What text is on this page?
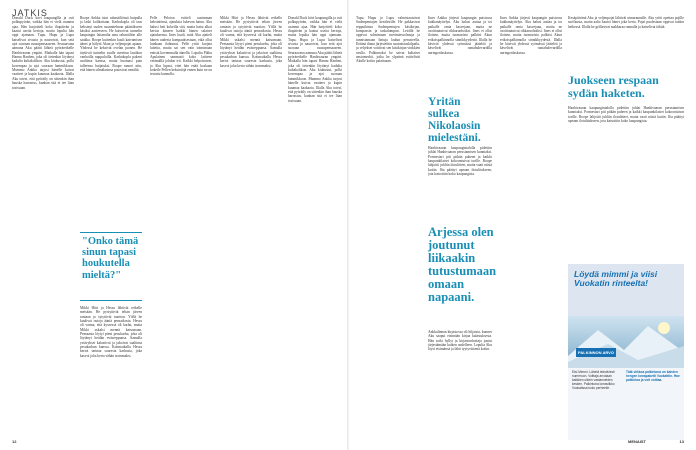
JATKIS

Donald Duck kävi kaupungilla ja osti polkupyörän, vaikka hän ei vielä osannut ajaa. Hän harjoitteli koko iltapäivän ja kaatui useita kertoja, mutta lopulta hän oppi ajamaan. Tupu, Hupu ja Lupu katselivat sivusta ja nauroivat, kun setä ajoi suoraan ruusupensaaseen. Seuraavana aamuna Aku päätti lähteä pyöräretkelle Hanhivaaran ympäri. Matkalla hän tapasi Hannu Hanhen, joka oli tietenkin löytänyt kadulta kultakolikon. Aku kiukustui, polki kovempaa ja ajoi suoraan lammikkoon. Mummo Ankka tarjosi hänelle kuivat vaatteet ja kupin kuumaa kaakaota. Illalla Aku totesi, että pyöräily on sittenkin ihan hauska harrastus, kunhan sitä ei tee liian tosissaan.

Roope Ankka istui rahasäiliönsä huipulla ja laski kolikoitaan. Karhukopla oli taas keksinyt uuden suunnitelman päästäkseen käsiksi aarteeseen. He kaivoivat tunnelin kaupungin laitamilta aina rahasäiliön alle saakka. Roope kuitenkin kuuli kaivamisen äänet ja hälytti Akun ja veljenpojat apuun. Yhdessä he keksivät ovelan juonen. He täyttivät tunnelin suulle asetetun laatikon vanhoilla nappuloilla. Karhukopla pakeni saaliinsa kanssa, mutta huomasi pian tulleensa huijatuksi. Roope nauroi niin, että hänen silmälasinsa putosivat nenältä.

"Onko tämä sinun tapasi houkutella mieltä?"

Mikki Hiiri ja Hessu lähtivät retkelle metsään. He pystyttivät teltan järven rantaan ja sytyttivät nuotion. Yöllä he kuulivat outoja ääniä pensaikosta. Hessu oli varma, että kyseessä oli karhu, mutta Mikki uskalsi mennä katsomaan. Pensaasta löytyi pieni pesukarhu, joka oli löytänyt heidän eväsreppunsa. Aamulla ystävykset kalastivat ja jakoivat saaliinsa pesukarhun kanssa. Kotimatkalla Hessu kertoi tarinaa suuresta karhusta, joka kasvoi joka kerta vähän isommaksi.

Pelle Peloton esitteli uusimman keksintönsä, ajatuksia lukevan hatun. Aku halusi heti kokeilla sitä, mutta hattu alkoi kertoa ääneen kaikki hänen salaiset ajatuksensa. Iines kuuli, mitä Aku ajatteli hänen uudesta kampauksestaan, eikä ollut lainkaan ilahtunut. Pelle yritti korjata laitetta, mutta sai sen vain toimimaan entistä kovemmalla äänellä. Lopulta Pikku Apulainen sammutti koko laitteen vetämällä johdon irti. Kaikki helpottuivat, ja Aku lupasi, ettei hän enää koskaan kokeile Pellen keksintöjä ennen kuin ne on testattu kunnolla.

Mikki Hiiri ja Hessu lähtivät retkelle metsään. He pystyttivät teltan järven rantaan ja sytyttivät nuotion. Yöllä he kuulivat outoja ääniä pensaikosta. Hessu oli varma, että kyseessä oli karhu, mutta Mikki uskalsi mennä katsomaan. Pensaasta löytyi pieni pesukarhu, joka oli löytänyt heidän eväsreppunsa. Aamulla ystävykset kalastivat ja jakoivat saaliinsa pesukarhun kanssa. Kotimatkalla Hessu kertoi tarinaa suuresta karhusta, joka kasvoi joka kerta vähän isommaksi.

Donald Duck kävi kaupungilla ja osti polkupyörän, vaikka hän ei vielä osannut ajaa. Hän harjoitteli koko iltapäivän ja kaatui useita kertoja, mutta lopulta hän oppi ajamaan. Tupu, Hupu ja Lupu katselivat sivusta ja nauroivat, kun setä ajoi suoraan ruusupensaaseen. Seuraavana aamuna Aku päätti lähteä pyöräretkelle Hanhivaaran ympäri. Matkalla hän tapasi Hannu Hanhen, joka oli tietenkin löytänyt kadulta kultakolikon. Aku kiukustui, polki kovempaa ja ajoi suoraan lammikkoon. Mummo Ankka tarjosi hänelle kuivat vaatteet ja kupin kuumaa kaakaota. Illalla Aku totesi, että pyöräily on sittenkin ihan hauska harrastus, kunhan sitä ei tee liian tosissaan.

12

Tupu, Hupu ja Lupu valmistautuivat Sudenpentujen kesäleirille. He pakkasivat reppuihinsa Sudenpentujen käsikirjan, kompassin ja taskulampun. Leirillä he oppivat solmimaan merimiessolmuja ja tunnistamaan lintuja laulun perusteella. Eräänä iltana järjestettiin suunnistuskilpailu, ja veljekset voittivat sen käsikirjan vinkkien avulla. Palkinnoksi he saivat kultaiset ansiomerkit, jotka he ylpeänä esittelivät Akulle kotiin palattuaan.

Yritän sulkea Nikolaosin mielestäni.

Iines Ankka järjesti kaupungin puistossa kukkanäyttelyn. Aku halusi auttaa ja toi paikalle omia kasvejaan, mutta ne osoittautuivat rikkaruohoiksi. Iines ei ollut iloinen, mutta tuomaristo palkitsi Akun erikoispalkinnolla sinnikkyydestä. Illalla he kävivät yhdessä syömässä jäätelöä ja kävelivät rantabulevardilla auringonlaskussa.

Hanhivaaran kaupungintalolla pidettiin juhlat Hanhivaaran perustamisen kunniaksi. Pormestari piti pitkän puheen ja kaikki kaupunkilaiset kokoontuivat torille. Roope lahjoitti juhliin ilotulitteet, mutta vaati niistä kuitin. Ilta päättyi upeaan ilotulitukseen, jota katsottiin koko kaupungista.

Arjessa olen joutunut liikaakin tutustumaan omaan napaani.

Ankkalinnan kirjastossa oli hiljaista, kunnes Aku saapui etsimään kirjaa kalastuksesta. Hän sotki hyllyt ja kirjastonhoitaja joutui järjestämään kaiken uudelleen. Lopulta Aku löysi etsimänsä ja lähti tyytyväisenä kotiin.

Iines Ankka järjesti kaupungin puistossa kukkanäyttelyn. Aku halusi auttaa ja toi paikalle omia kasvejaan, mutta ne osoittautuivat rikkaruohoiksi. Iines ei ollut iloinen, mutta tuomaristo palkitsi Akun erikoispalkinnolla sinnikkyydestä. Illalla he kävivät yhdessä syömässä jäätelöä ja kävelivät rantabulevardilla auringonlaskussa.

Kesäpäivänä Aku ja veljenpojat lähtivät uimarannalle. Aku yritti opettaa pojille surffausta, mutta aalto kaatoi hänet joka kerta. Pojat puolestaan oppivat taidon hetkessä. Illalla he grillasivat makkaraa rannalla ja katselivat tähtiä.

Juokseen respaan sydän haketen.

Hanhivaaran kaupungintalolla pidettiin juhlat Hanhivaaran perustamisen kunniaksi. Pormestari piti pitkän puheen ja kaikki kaupunkilaiset kokoontuivat torille. Roope lahjoitti juhliin ilotulitteet, mutta vaati niistä kuitin. Ilta päättyi upeaan ilotulitukseen, jota katsottiin koko kaupungista.

Löydä mimmi ja viisi Vuokatin rinteelta!
PALKINNON ARVO
Etsi Mimmi. Lähetä tekstiviesti numeroon. Voittaja arvotaan kaikkien oikein vastanneiden kesken. Palkintona lomaviikko Vuokatissa koko perheelle.
Tätä viikkoa palkintona on kahden hengen lomapaketti Vuokattiin. Hae palkintoa ja voit voittaa.
MENAIST	13
